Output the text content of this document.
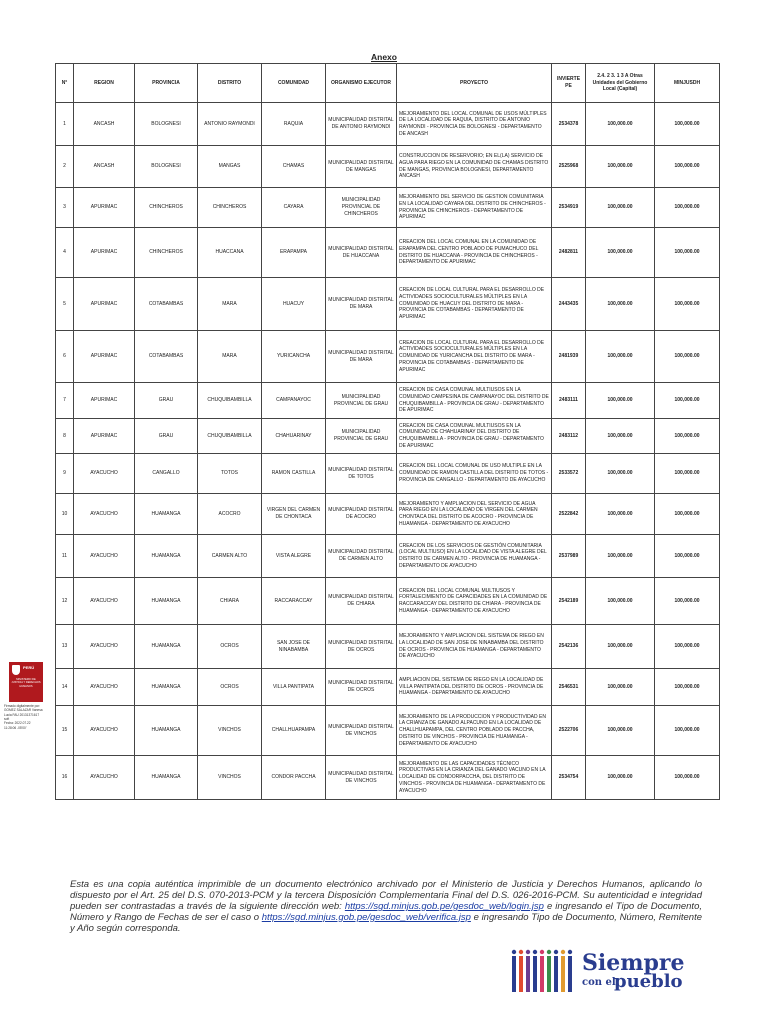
Anexo
N°	REGION	PROVINCIA	DISTRITO	COMUNIDAD	ORGANISMO EJECUTOR	PROYECTO	INVIERTE PE	2.4. 2 3. 1 3 A Otras Unidades del Gobierno Local (Capital)	MINJUSDH
1	ANCASH	BOLOGNESI	ANTONIO RAYMONDI	RAQUIA	MUNICIPALIDAD DISTRITAL DE ANTONIO RAYMONDI	MEJORAMIENTO DEL LOCAL COMUNAL DE USOS MÚLTIPLES DE LA LOCALIDAD DE RAQUIA, DISTRITO DE ANTONIO RAYMONDI - PROVINCIA DE BOLOGNESI - DEPARTAMENTO DE ANCASH	2534378	100,000.00	100,000.00
2	ANCASH	BOLOGNESI	MANGAS	CHAMAS	MUNICIPALIDAD DISTRITAL DE MANGAS	CONSTRUCCION DE RESERVORIO; EN EL(LA) SERVICIO DE AGUA PARA RIEGO EN LA COMUNIDAD DE CHAMAS DISTRITO DE MANGAS, PROVINCIA BOLOGNESI, DEPARTAMENTO ANCASH	2525968	100,000.00	100,000.00
3	APURIMAC	CHINCHEROS	CHINCHEROS	CAYARA	MUNICIPALIDAD PROVINCIAL DE CHINCHEROS	MEJORAMIENTO DEL SERVICIO DE GESTION COMUNITARIA EN LA LOCALIDAD CAYARA DEL DISTRITO DE CHINCHEROS - PROVINCIA DE CHINCHEROS - DEPARTAMENTO DE APURIMAC	2534919	100,000.00	100,000.00
4	APURIMAC	CHINCHEROS	HUACCANA	ERAPAMPA	MUNICIPALIDAD DISTRITAL DE HUACCANA	CREACION DEL LOCAL COMUNAL EN LA COMUNIDAD DE ERAPAMPA DEL CENTRO POBLADO DE PUMACHUCO DEL DISTRITO DE HUACCANA - PROVINCIA DE CHINCHEROS - DEPARTAMENTO DE APURIMAC	2482811	100,000.00	100,000.00
5	APURIMAC	COTABAMBAS	MARA	HUACUY	MUNICIPALIDAD DISTRITAL DE MARA	CREACION DE LOCAL CULTURAL PARA EL DESARROLLO DE ACTIVIDADES SOCIOCULTURALES MÚLTIPLES EN LA COMUNIDAD DE HUACUY DEL DISTRITO DE MARA - PROVINCIA DE COTABAMBAS - DEPARTAMENTO DE APURIMAC	2443435	100,000.00	100,000.00
6	APURIMAC	COTABAMBAS	MARA	YURICANCHA	MUNICIPALIDAD DISTRITAL DE MARA	CREACION DE LOCAL CULTURAL PARA EL DESARROLLO DE ACTIVIDADES SOCIOCULTURALES MÚLTIPLES EN LA COMUNIDAD DE YURICANCHA DEL DISTRITO DE MARA - PROVINCIA DE COTABAMBAS - DEPARTAMENTO DE APURIMAC	2481939	100,000.00	100,000.00
7	APURIMAC	GRAU	CHUQUIBAMBILLA	CAMPANAYOC	MUNICIPALIDAD PROVINCIAL DE GRAU	CREACION DE CASA COMUNAL MULTIUSOS EN LA COMUNIDAD CAMPESINA DE CAMPANAYOC DEL DISTRITO DE CHUQUIBAMBILLA - PROVINCIA DE GRAU - DEPARTAMENTO DE APURIMAC	2483111	100,000.00	100,000.00
8	APURIMAC	GRAU	CHUQUIBAMBILLA	CHAHUARINAY	MUNICIPALIDAD PROVINCIAL DE GRAU	CREACION DE CASA COMUNAL MULTIUSOS EN LA COMUNIDAD DE CHAHUARINAY DEL DISTRITO DE CHUQUIBAMBILLA - PROVINCIA DE GRAU - DEPARTAMENTO DE APURIMAC	2483112	100,000.00	100,000.00
9	AYACUCHO	CANGALLO	TOTOS	RAMON CASTILLA	MUNICIPALIDAD DISTRITAL DE TOTOS	CREACION DEL LOCAL COMUNAL DE USO MULTIPLE EN LA COMUNIDAD DE RAMON CASTILLA DEL DISTRITO DE TOTOS - PROVINCIA DE CANGALLO - DEPARTAMENTO DE AYACUCHO	2533572	100,000.00	100,000.00
10	AYACUCHO	HUAMANGA	ACOCRO	VIRGEN DEL CARMEN DE CHONTACA	MUNICIPALIDAD DISTRITAL DE ACOCRO	MEJORAMIENTO Y AMPLIACION DEL SERVICIO DE AGUA PARA RIEGO EN LA LOCALIDAD DE VIRGEN DEL CARMEN CHONTACA DEL DISTRITO DE ACOCRO - PROVINCIA DE HUAMANGA - DEPARTAMENTO DE AYACUCHO	2522842	100,000.00	100,000.00
11	AYACUCHO	HUAMANGA	CARMEN ALTO	VISTA ALEGRE	MUNICIPALIDAD DISTRITAL DE CARMEN ALTO	CREACION DE LOS SERVICIOS DE GESTIÓN COMUNITARIA (LOCAL MULTIUSO) EN LA LOCALIDAD DE VISTA ALEGRE DEL DISTRITO DE CARMEN ALTO - PROVINCIA DE HUAMANGA - DEPARTAMENTO DE AYACUCHO	2537989	100,000.00	100,000.00
12	AYACUCHO	HUAMANGA	CHIARA	RACCARACCAY	MUNICIPALIDAD DISTRITAL DE CHIARA	CREACION DEL LOCAL COMUNAL MULTIUSOS Y FORTALECIMIENTO DE CAPACIDADES EN LA COMUNIDAD DE RACCARACCAY DEL DISTRITO DE CHIARA - PROVINCIA DE HUAMANGA - DEPARTAMENTO DE AYACUCHO	2542189	100,000.00	100,000.00
13	AYACUCHO	HUAMANGA	OCROS	SAN JOSE DE NINABAMBA	MUNICIPALIDAD DISTRITAL DE OCROS	MEJORAMIENTO Y AMPLIACION DEL SISTEMA DE RIEGO EN LA LOCALIDAD DE SAN JOSE DE NINABAMBA DEL DISTRITO DE OCROS - PROVINCIA DE HUAMANGA - DEPARTAMENTO DE AYACUCHO	2542136	100,000.00	100,000.00
14	AYACUCHO	HUAMANGA	OCROS	VILLA PANTIPATA	MUNICIPALIDAD DISTRITAL DE OCROS	AMPLIACION DEL SISTEMA DE RIEGO EN LA LOCALIDAD DE VILLA PANTIPATA DEL DISTRITO DE OCROS - PROVINCIA DE HUAMANGA - DEPARTAMENTO DE AYACUCHO	2546531	100,000.00	100,000.00
15	AYACUCHO	HUAMANGA	VINCHOS	CHALLHUAPAMPA	MUNICIPALIDAD DISTRITAL DE VINCHOS	MEJORAMIENTO DE LA PRODUCCION Y PRODUCTIVIDAD EN LA CRIANZA DE GANADO ALPACUNO EN LA LOCALIDAD DE CHALLHUAPAMPA, DEL CENTRO POBLADO DE PACCHA, DISTRITO DE VINCHOS - PROVINCIA DE HUAMANGA - DEPARTAMENTO DE AYACUCHO	2522706	100,000.00	100,000.00
16	AYACUCHO	HUAMANGA	VINCHOS	CONDOR PACCHA	MUNICIPALIDAD DISTRITAL DE VINCHOS	MEJORAMIENTO DE LAS CAPACIDADES TÉCNICO PRODUCTIVAS EN LA CRIANZA DEL GANADO VACUNO EN LA LOCALIDAD DE CONDORPACCHA, DEL DISTRITO DE VINCHOS - PROVINCIA DE HUAMANGA - DEPARTAMENTO DE AYACUCHO	2534754	100,000.00	100,000.00
PERÚ
MINISTERIO DE JUSTICIA Y DERECHOS HUMANOS
Firmado digitalmente por:
GOMEZ SALAZAR Vanesa
Lucia FAU 20131371617
soft
Fecha: 2022.07.22
11:28:06 -05'00'
Esta es una copia auténtica imprimible de un documento electrónico archivado por el Ministerio de Justicia y Derechos Humanos, aplicando lo dispuesto por el Art. 25 del D.S. 070-2013-PCM y la tercera Disposición Complementaria Final del D.S. 026-2016-PCM. Su autenticidad e integridad pueden ser contrastadas a través de la siguiente dirección web: https://sgd.minjus.gob.pe/gesdoc_web/login.jsp e ingresando el Tipo de Documento, Número y Rango de Fechas de ser el caso o https://sgd.minjus.gob.pe/gesdoc_web/verifica.jsp e ingresando Tipo de Documento, Número, Remitente y Año según corresponda.
Siempre
con el
pueblo
